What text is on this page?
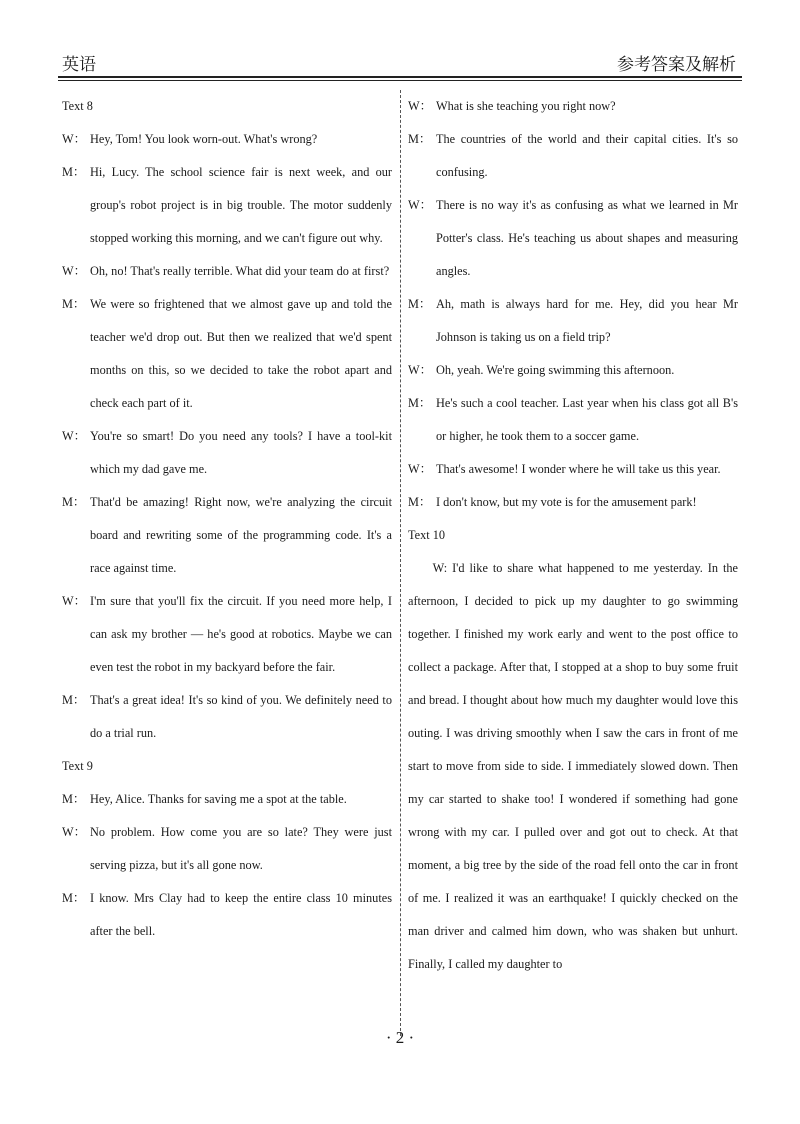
英语	参考答案及解析

Text 8

W： Hey, Tom! You look worn-out. What's wrong?

M： Hi, Lucy. The school science fair is next week, and our group's robot project is in big trouble. The motor suddenly stopped working this morning, and we can't figure out why.

W： Oh, no! That's really terrible. What did your team do at first?

M： We were so frightened that we almost gave up and told the teacher we'd drop out. But then we realized that we'd spent months on this, so we decided to take the robot apart and check each part of it.

W： You're so smart! Do you need any tools? I have a tool-kit which my dad gave me.

M： That'd be amazing! Right now, we're analyzing the circuit board and rewriting some of the programming code. It's a race against time.

W： I'm sure that you'll fix the circuit. If you need more help, I can ask my brother — he's good at robotics. Maybe we can even test the robot in my backyard before the fair.

M： That's a great idea! It's so kind of you. We definitely need to do a trial run.

Text 9

M： Hey, Alice. Thanks for saving me a spot at the table.

W： No problem. How come you are so late? They were just serving pizza, but it's all gone now.

M： I know. Mrs Clay had to keep the entire class 10 minutes after the bell.

W： What is she teaching you right now?

M： The countries of the world and their capital cities. It's so confusing.

W： There is no way it's as confusing as what we learned in Mr Potter's class. He's teaching us about shapes and measuring angles.

M： Ah, math is always hard for me. Hey, did you hear Mr Johnson is taking us on a field trip?

W： Oh, yeah. We're going swimming this afternoon.

M： He's such a cool teacher. Last year when his class got all B's or higher, he took them to a soccer game.

W： That's awesome! I wonder where he will take us this year.

M： I don't know, but my vote is for the amusement park!

Text 10

W: I'd like to share what happened to me yesterday. In the afternoon, I decided to pick up my daughter to go swimming together. I finished my work early and went to the post office to collect a package. After that, I stopped at a shop to buy some fruit and bread. I thought about how much my daughter would love this outing. I was driving smoothly when I saw the cars in front of me start to move from side to side. I immediately slowed down. Then my car started to shake too! I wondered if something had gone wrong with my car. I pulled over and got out to check. At that moment, a big tree by the side of the road fell onto the car in front of me. I realized it was an earthquake! I quickly checked on the man driver and calmed him down, who was shaken but unhurt. Finally, I called my daughter to

· 2 ·
